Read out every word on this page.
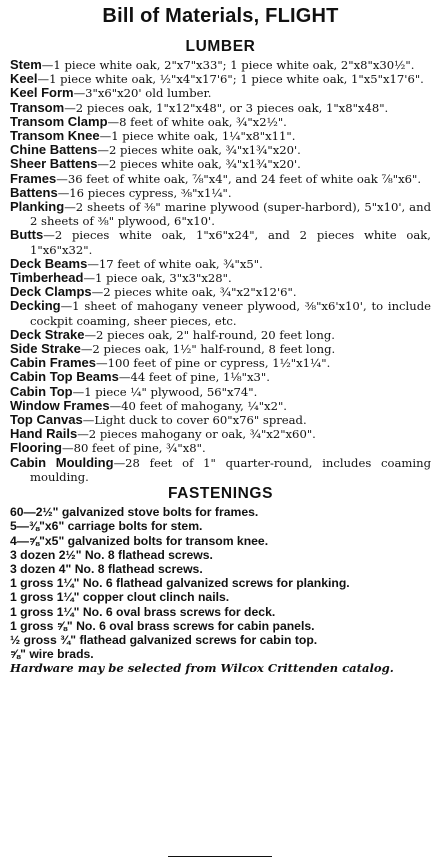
Bill of Materials, FLIGHT
LUMBER
Stem—1 piece white oak, 2"x7"x33"; 1 piece white oak, 2"x8"x30½".
Keel—1 piece white oak, ½"x4"x17'6"; 1 piece white oak, 1"x5"x17'6".
Keel Form—3"x6"x20' old lumber.
Transom—2 pieces oak, 1"x12"x48", or 3 pieces oak, 1"x8"x48".
Transom Clamp—8 feet of white oak, ¾"x2½".
Transom Knee—1 piece white oak, 1¼"x8"x11".
Chine Battens—2 pieces white oak, ¾"x1¾"x20'.
Sheer Battens—2 pieces white oak, ¾"x1¾"x20'.
Frames—36 feet of white oak, ⅞"x4", and 24 feet of white oak ⅞"x6".
Battens—16 pieces cypress, ⅜"x1¼".
Planking—2 sheets of ⅜" marine plywood (super-harbord), 5"x10', and 2 sheets of ⅜" plywood, 6"x10'.
Butts—2 pieces white oak, 1"x6"x24", and 2 pieces white oak, 1"x6"x32".
Deck Beams—17 feet of white oak, ¾"x5".
Timberhead—1 piece oak, 3"x3"x28".
Deck Clamps—2 pieces white oak, ¾"x2"x12'6".
Decking—1 sheet of mahogany veneer plywood, ⅜"x6'x10', to include cockpit coaming, sheer pieces, etc.
Deck Strake—2 pieces oak, 2" half-round, 20 feet long.
Side Strake—2 pieces oak, 1½" half-round, 8 feet long.
Cabin Frames—100 feet of pine or cypress, 1½"x1¼".
Cabin Top Beams—44 feet of pine, 1⅛"x3".
Cabin Top—1 piece ¼" plywood, 56"x74".
Window Frames—40 feet of mahogany, ¼"x2".
Top Canvas—Light duck to cover 60"x76" spread.
Hand Rails—2 pieces mahogany or oak, ¾"x2"x60".
Flooring—80 feet of pine, ¾"x8".
Cabin Moulding—28 feet of 1" quarter-round, includes coaming moulding.
FASTENINGS
60—2½" galvanized stove bolts for frames.
5—⅜"x6" carriage bolts for stem.
4—⅝"x5" galvanized bolts for transom knee.
3 dozen 2½" No. 8 flathead screws.
3 dozen 4" No. 8 flathead screws.
1 gross 1¼" No. 6 flathead galvanized screws for planking.
1 gross 1¼" copper clout clinch nails.
1 gross 1¼" No. 6 oval brass screws for deck.
1 gross ⅝" No. 6 oval brass screws for cabin panels.
½ gross ¾" flathead galvanized screws for cabin top.
⅝" wire brads.

Hardware may be selected from Wilcox Crittenden catalog.
